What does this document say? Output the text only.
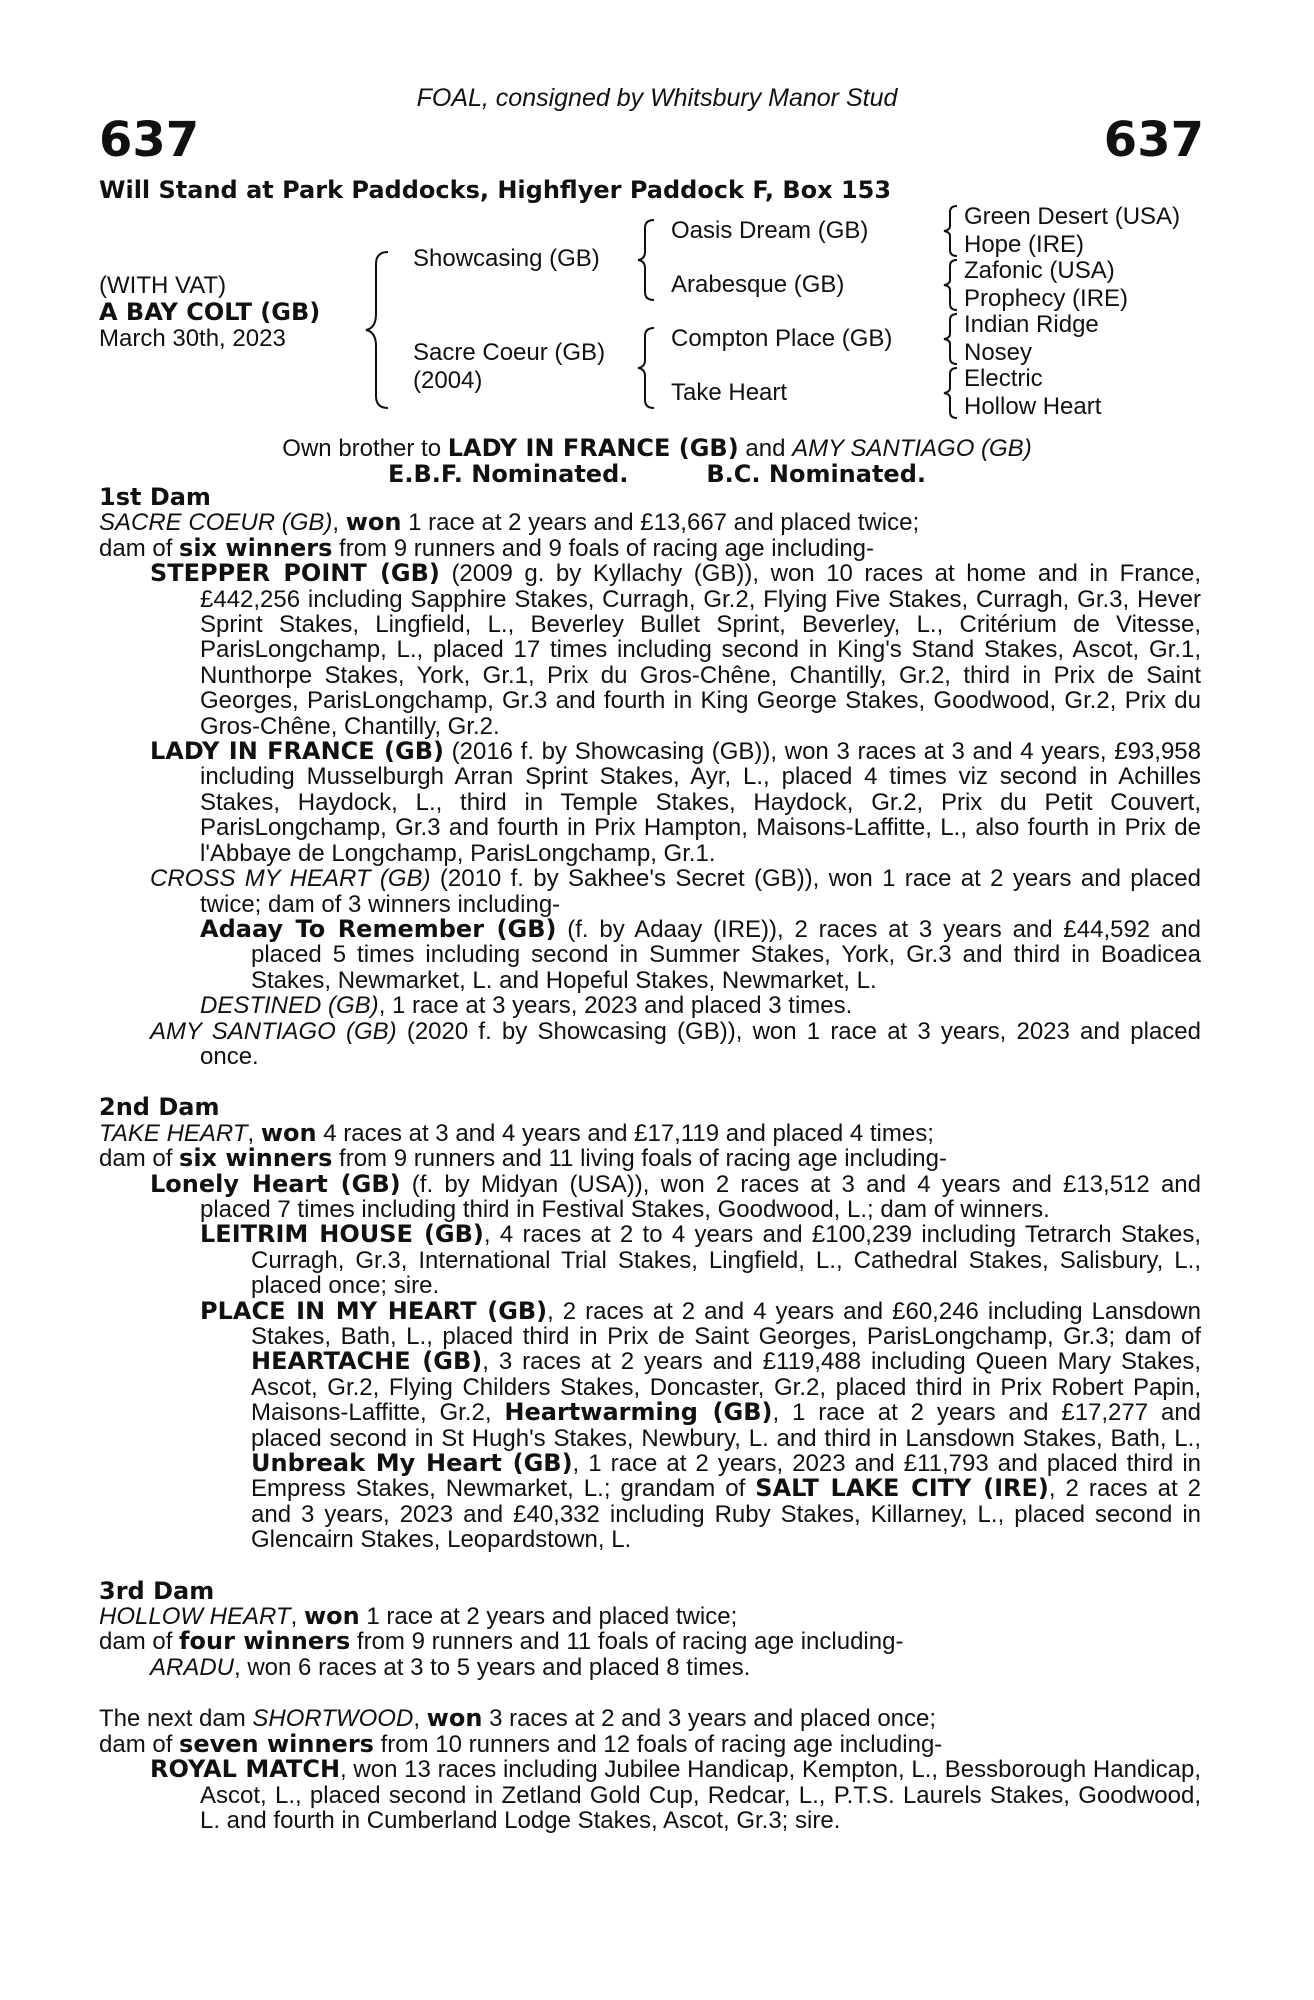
FOAL, consigned by Whitsbury Manor Stud
637	637
Will Stand at Park Paddocks, Highflyer Paddock F, Box 153
(WITH VAT)
A BAY COLT (GB)
March 30th, 2023
Showcasing (GB)
Sacre Coeur (GB)
(2004)
Oasis Dream (GB)
Arabesque (GB)
Compton Place (GB)
Take Heart
Green Desert (USA)
Hope (IRE)
Zafonic (USA)
Prophecy (IRE)
Indian Ridge
Nosey
Electric
Hollow Heart
Own brother to LADY IN FRANCE (GB) and AMY SANTIAGO (GB)
E.B.F. Nominated.	B.C. Nominated.
1st Dam

SACRE COEUR (GB), won 1 race at 2 years and £13,667 and placed twice;

dam of six winners from 9 runners and 9 foals of racing age including-

STEPPER POINT (GB) (2009 g. by Kyllachy (GB)), won 10 races at home and in France, £442,256 including Sapphire Stakes, Curragh, Gr.2, Flying Five Stakes, Curragh, Gr.3, Hever Sprint Stakes, Lingfield, L., Beverley Bullet Sprint, Beverley, L., Critérium de Vitesse, ParisLongchamp, L., placed 17 times including second in King's Stand Stakes, Ascot, Gr.1, Nunthorpe Stakes, York, Gr.1, Prix du Gros-Chêne, Chantilly, Gr.2, third in Prix de Saint Georges, ParisLongchamp, Gr.3 and fourth in King George Stakes, Goodwood, Gr.2, Prix du Gros-Chêne, Chantilly, Gr.2.

LADY IN FRANCE (GB) (2016 f. by Showcasing (GB)), won 3 races at 3 and 4 years, £93,958 including Musselburgh Arran Sprint Stakes, Ayr, L., placed 4 times viz second in Achilles Stakes, Haydock, L., third in Temple Stakes, Haydock, Gr.2, Prix du Petit Couvert, ParisLongchamp, Gr.3 and fourth in Prix Hampton, Maisons-Laffitte, L., also fourth in Prix de l'Abbaye de Longchamp, ParisLongchamp, Gr.1.

CROSS MY HEART (GB) (2010 f. by Sakhee's Secret (GB)), won 1 race at 2 years and placed twice; dam of 3 winners including-

Adaay To Remember (GB) (f. by Adaay (IRE)), 2 races at 3 years and £44,592 and placed 5 times including second in Summer Stakes, York, Gr.3 and third in Boadicea Stakes, Newmarket, L. and Hopeful Stakes, Newmarket, L.

DESTINED (GB), 1 race at 3 years, 2023 and placed 3 times.

AMY SANTIAGO (GB) (2020 f. by Showcasing (GB)), won 1 race at 3 years, 2023 and placed once.

2nd Dam

TAKE HEART, won 4 races at 3 and 4 years and £17,119 and placed 4 times;

dam of six winners from 9 runners and 11 living foals of racing age including-

Lonely Heart (GB) (f. by Midyan (USA)), won 2 races at 3 and 4 years and £13,512 and placed 7 times including third in Festival Stakes, Goodwood, L.; dam of winners.

LEITRIM HOUSE (GB), 4 races at 2 to 4 years and £100,239 including Tetrarch Stakes, Curragh, Gr.3, International Trial Stakes, Lingfield, L., Cathedral Stakes, Salisbury, L., placed once; sire.

PLACE IN MY HEART (GB), 2 races at 2 and 4 years and £60,246 including Lansdown Stakes, Bath, L., placed third in Prix de Saint Georges, ParisLongchamp, Gr.3; dam of HEARTACHE (GB), 3 races at 2 years and £119,488 including Queen Mary Stakes, Ascot, Gr.2, Flying Childers Stakes, Doncaster, Gr.2, placed third in Prix Robert Papin, Maisons-Laffitte, Gr.2, Heartwarming (GB), 1 race at 2 years and £17,277 and placed second in St Hugh's Stakes, Newbury, L. and third in Lansdown Stakes, Bath, L., Unbreak My Heart (GB), 1 race at 2 years, 2023 and £11,793 and placed third in Empress Stakes, Newmarket, L.; grandam of SALT LAKE CITY (IRE), 2 races at 2 and 3 years, 2023 and £40,332 including Ruby Stakes, Killarney, L., placed second in Glencairn Stakes, Leopardstown, L.

3rd Dam

HOLLOW HEART, won 1 race at 2 years and placed twice;

dam of four winners from 9 runners and 11 foals of racing age including-

ARADU, won 6 races at 3 to 5 years and placed 8 times.

The next dam SHORTWOOD, won 3 races at 2 and 3 years and placed once;

dam of seven winners from 10 runners and 12 foals of racing age including-

ROYAL MATCH, won 13 races including Jubilee Handicap, Kempton, L., Bessborough Handicap, Ascot, L., placed second in Zetland Gold Cup, Redcar, L., P.T.S. Laurels Stakes, Goodwood, L. and fourth in Cumberland Lodge Stakes, Ascot, Gr.3; sire.
